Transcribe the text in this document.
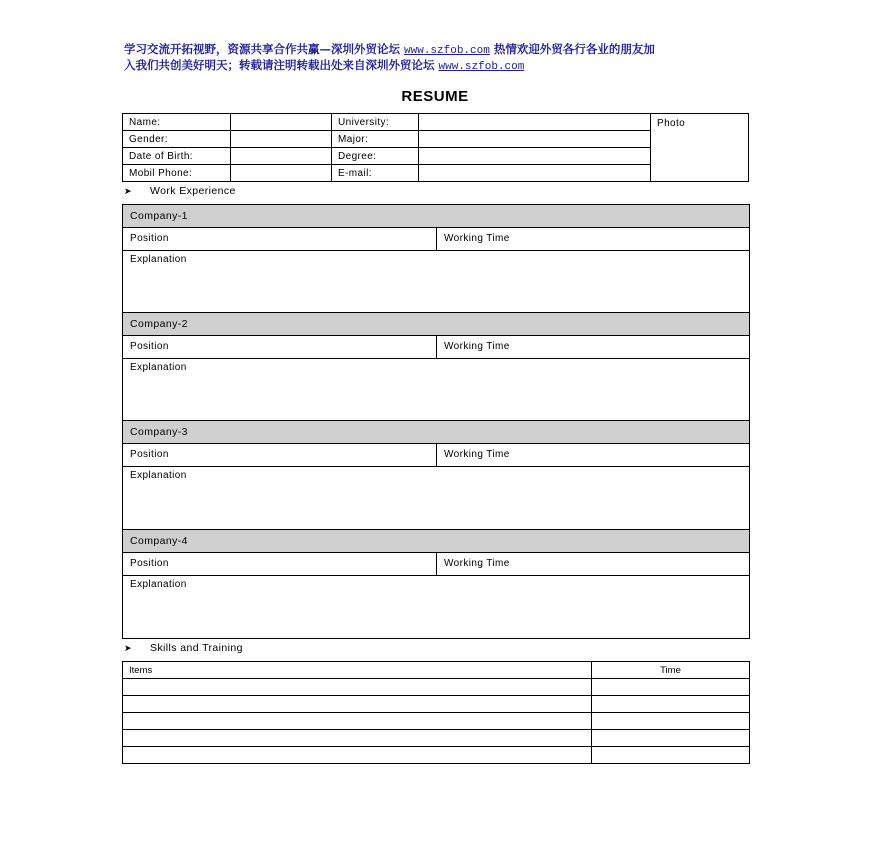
学习交流开拓视野，资源共享合作共赢—深圳外贸论坛 www.szfob.com 热情欢迎外贸各行各业的朋友加
入我们共创美好明天；转载请注明转载出处来自深圳外贸论坛 www.szfob.com
RESUME
Name:		University:		Photo
Gender:		Major:		
Date of Birth:		Degree:		
Mobil Phone:		E-mail:		
➤ Work Experience
Company-1
Position	Working Time
Explanation
Company-2
Position	Working Time
Explanation
Company-3
Position	Working Time
Explanation
Company-4
Position	Working Time
Explanation
➤ Skills and Training
Items	Time
